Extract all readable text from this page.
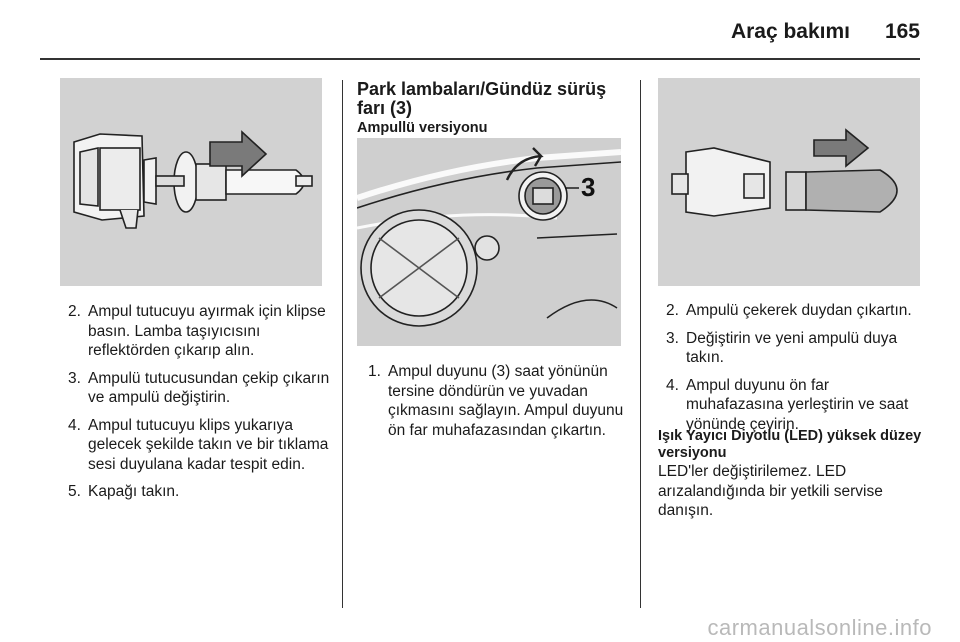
Araç bakımı 165
2. Ampul tutucuyu ayırmak için klipse basın. Lamba taşıyıcısını reflektörden çıkarıp alın.
3. Ampulü tutucusundan çekip çıkarın ve ampulü değiştirin.
4. Ampul tutucuyu klips yukarıya gelecek şekilde takın ve bir tıklama sesi duyulana kadar tespit edin.
5. Kapağı takın.
Park lambaları/Gündüz sürüş farı (3)
Ampullü versiyonu
3
1. Ampul duyunu (3) saat yönünün tersine döndürün ve yuvadan çıkmasını sağlayın. Ampul duyunu ön far muhafazasından çıkartın.
2. Ampulü çekerek duydan çıkartın.
3. Değiştirin ve yeni ampulü duya takın.
4. Ampul duyunu ön far muhafazasına yerleştirin ve saat yönünde çevirin.
Işık Yayıcı Diyotlu (LED) yüksek düzey versiyonu
LED'ler değiştirilemez. LED arızalandığında bir yetkili servise danışın.
carmanualsonline.info
